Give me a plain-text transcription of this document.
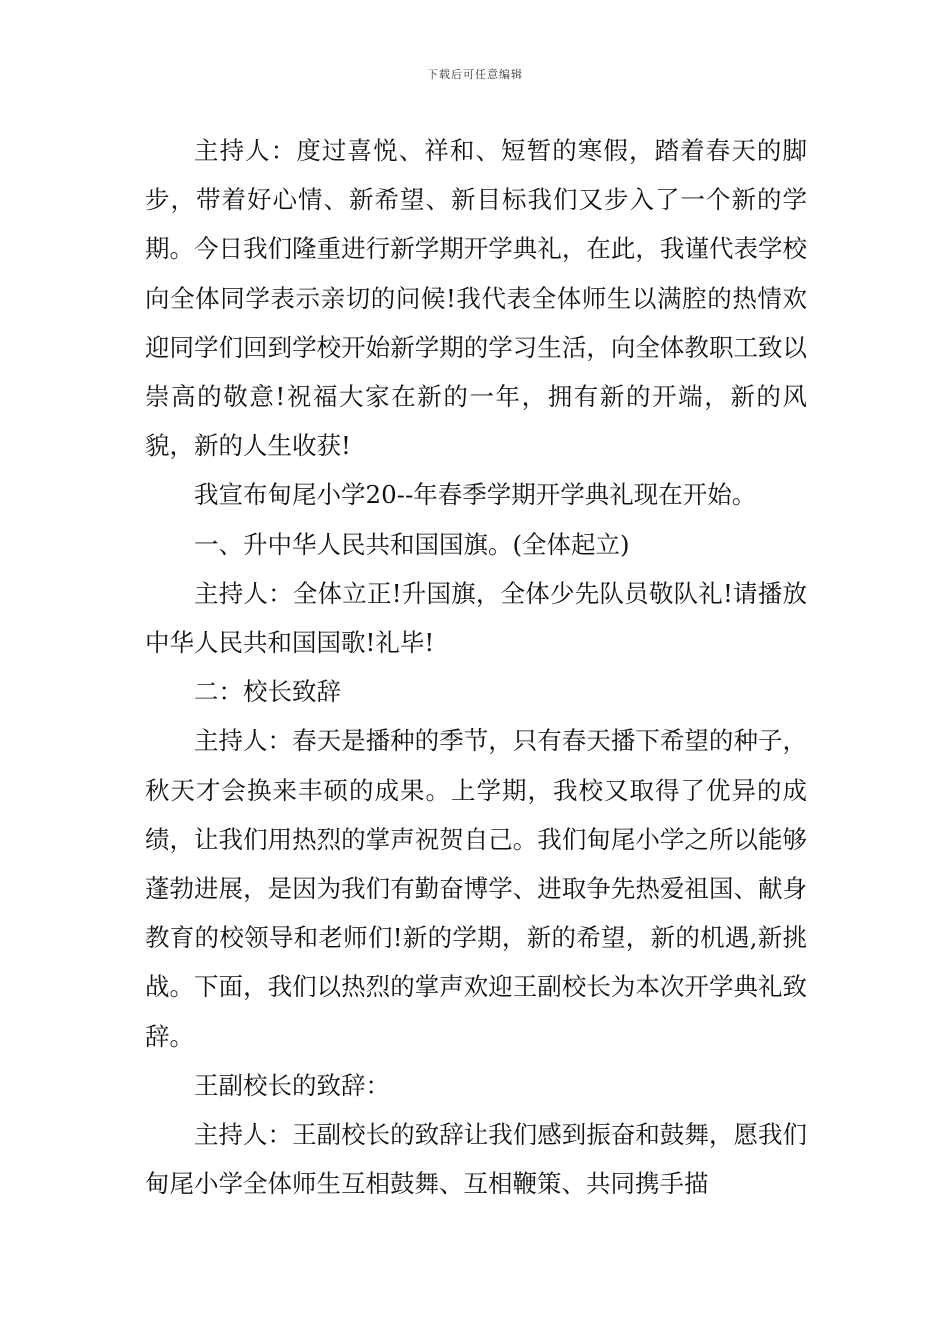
下载后可任意编辑

主持人：度过喜悦、祥和、短暂的寒假，踏着春天的脚步，带着好心情、新希望、新目标我们又步入了一个新的学期。今日我们隆重进行新学期开学典礼，在此，我谨代表学校向全体同学表示亲切的问候!我代表全体师生以满腔的热情欢迎同学们回到学校开始新学期的学习生活，向全体教职工致以崇高的敬意!祝福大家在新的一年，拥有新的开端，新的风貌，新的人生收获!

我宣布甸尾小学20--年春季学期开学典礼现在开始。

一、升中华人民共和国国旗。(全体起立)

主持人：全体立正!升国旗，全体少先队员敬队礼!请播放中华人民共和国国歌!礼毕!

二：校长致辞

主持人：春天是播种的季节，只有春天播下希望的种子，秋天才会换来丰硕的成果。上学期，我校又取得了优异的成绩，让我们用热烈的掌声祝贺自己。我们甸尾小学之所以能够蓬勃进展，是因为我们有勤奋博学、进取争先热爱祖国、献身教育的校领导和老师们!新的学期，新的希望，新的机遇,新挑战。下面，我们以热烈的掌声欢迎王副校长为本次开学典礼致辞。

王副校长的致辞：

主持人：王副校长的致辞让我们感到振奋和鼓舞，愿我们甸尾小学全体师生互相鼓舞、互相鞭策、共同携手描
